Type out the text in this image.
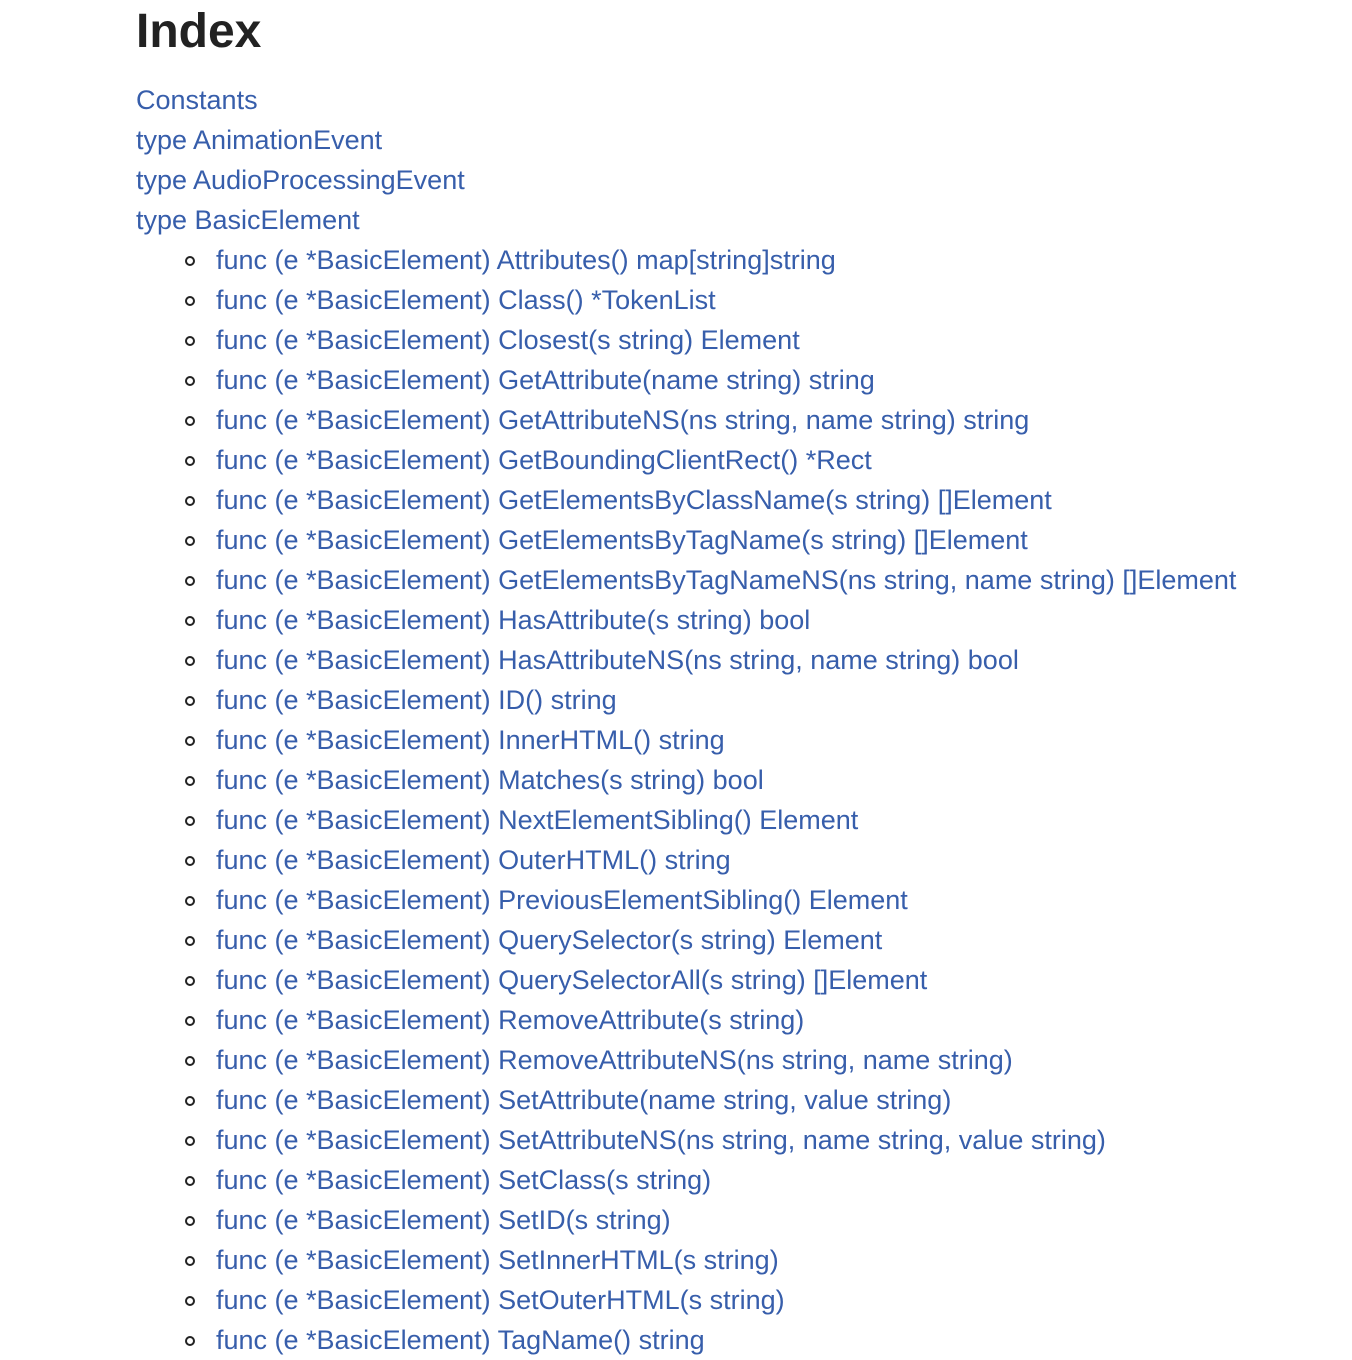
Index
Constants
type AnimationEvent
type AudioProcessingEvent
type BasicElement
func (e *BasicElement) Attributes() map[string]string
func (e *BasicElement) Class() *TokenList
func (e *BasicElement) Closest(s string) Element
func (e *BasicElement) GetAttribute(name string) string
func (e *BasicElement) GetAttributeNS(ns string, name string) string
func (e *BasicElement) GetBoundingClientRect() *Rect
func (e *BasicElement) GetElementsByClassName(s string) []Element
func (e *BasicElement) GetElementsByTagName(s string) []Element
func (e *BasicElement) GetElementsByTagNameNS(ns string, name string) []Element
func (e *BasicElement) HasAttribute(s string) bool
func (e *BasicElement) HasAttributeNS(ns string, name string) bool
func (e *BasicElement) ID() string
func (e *BasicElement) InnerHTML() string
func (e *BasicElement) Matches(s string) bool
func (e *BasicElement) NextElementSibling() Element
func (e *BasicElement) OuterHTML() string
func (e *BasicElement) PreviousElementSibling() Element
func (e *BasicElement) QuerySelector(s string) Element
func (e *BasicElement) QuerySelectorAll(s string) []Element
func (e *BasicElement) RemoveAttribute(s string)
func (e *BasicElement) RemoveAttributeNS(ns string, name string)
func (e *BasicElement) SetAttribute(name string, value string)
func (e *BasicElement) SetAttributeNS(ns string, name string, value string)
func (e *BasicElement) SetClass(s string)
func (e *BasicElement) SetID(s string)
func (e *BasicElement) SetInnerHTML(s string)
func (e *BasicElement) SetOuterHTML(s string)
func (e *BasicElement) TagName() string
